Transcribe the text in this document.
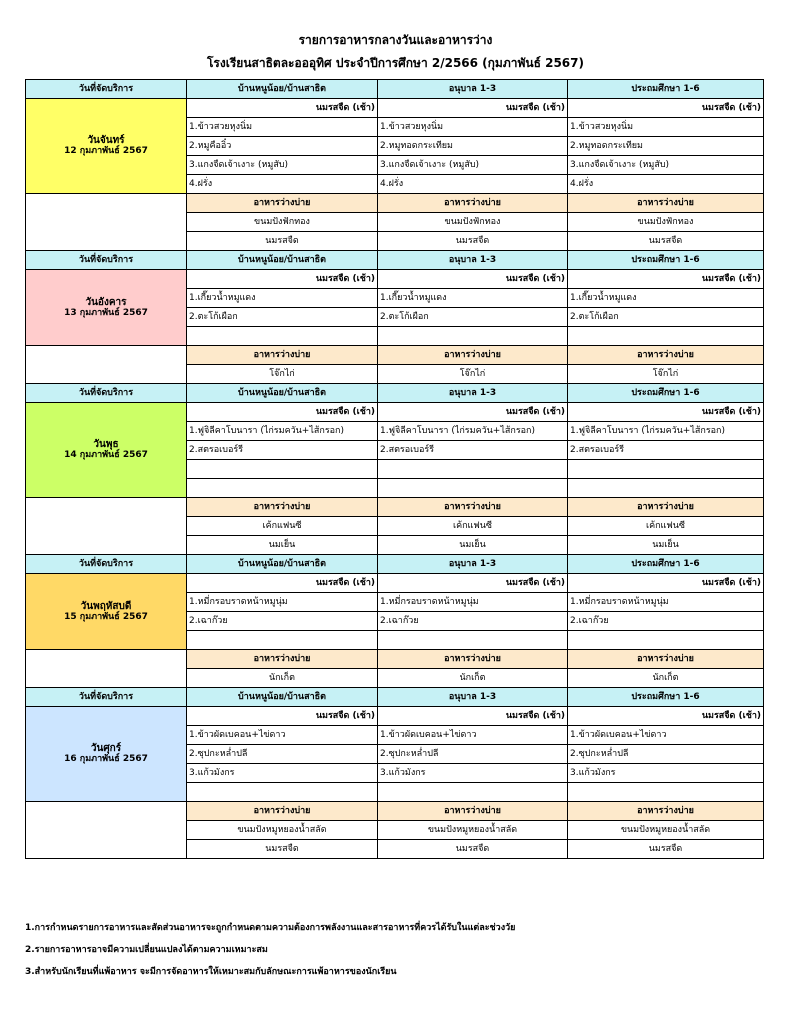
รายการอาหารกลางวันและอาหารว่าง
โรงเรียนสาธิตละอออุทิศ ประจำปีการศึกษา 2/2566 (กุมภาพันธ์ 2567)
วันที่จัดบริการ	บ้านหนูน้อย/บ้านสาธิต	อนุบาล 1-3	ประถมศึกษา 1-6

วันจันทร์
12 กุมภาพันธ์ 2567	นมรสจืด (เช้า)	นมรสจืด (เช้า)	นมรสจืด (เช้า)
	1.ข้าวสวยหุงนิ่ม	1.ข้าวสวยหุงนิ่ม	1.ข้าวสวยหุงนิ่ม
	2.หมูคืออิ๋ว	2.หมูทอดกระเทียม	2.หมูทอดกระเทียม
	3.แกงจืดเจ้าเงาะ (หมูสับ)	3.แกงจืดเจ้าเงาะ (หมูสับ)	3.แกงจืดเจ้าเงาะ (หมูสับ)
	4.ฝรั่ง	4.ฝรั่ง	4.ฝรั่ง
	อาหารว่างบ่าย	อาหารว่างบ่าย	อาหารว่างบ่าย
	ขนมปังฟักทอง	ขนมปังฟักทอง	ขนมปังฟักทอง
	นมรสจืด	นมรสจืด	นมรสจืด
วันที่จัดบริการ	บ้านหนูน้อย/บ้านสาธิต	อนุบาล 1-3	ประถมศึกษา 1-6

วันอังคาร
13 กุมภาพันธ์ 2567	นมรสจืด (เช้า)	นมรสจืด (เช้า)	นมรสจืด (เช้า)
	1.เกี๊ยวน้ำหมูแดง	1.เกี๊ยวน้ำหมูแดง	1.เกี๊ยวน้ำหมูแดง
	2.ตะโก้เผือก	2.ตะโก้เผือก	2.ตะโก้เผือก

	อาหารว่างบ่าย	อาหารว่างบ่าย	อาหารว่างบ่าย
	โจ๊กไก่	โจ๊กไก่	โจ๊กไก่
วันที่จัดบริการ	บ้านหนูน้อย/บ้านสาธิต	อนุบาล 1-3	ประถมศึกษา 1-6

วันพุธ
14 กุมภาพันธ์ 2567	นมรสจืด (เช้า)	นมรสจืด (เช้า)	นมรสจืด (เช้า)
	1.ฟูจิลีคาโบนารา (ไก่รมควัน+ไส้กรอก)	1.ฟูจิลีคาโบนารา (ไก่รมควัน+ไส้กรอก)	1.ฟูจิลีคาโบนารา (ไก่รมควัน+ไส้กรอก)
	2.สตรอเบอร์รี	2.สตรอเบอร์รี	2.สตรอเบอร์รี

	อาหารว่างบ่าย	อาหารว่างบ่าย	อาหารว่างบ่าย
	เค้กแฟนซี	เค้กแฟนซี	เค้กแฟนซี
	นมเย็น	นมเย็น	นมเย็น
วันที่จัดบริการ	บ้านหนูน้อย/บ้านสาธิต	อนุบาล 1-3	ประถมศึกษา 1-6

วันพฤหัสบดี
15 กุมภาพันธ์ 2567	นมรสจืด (เช้า)	นมรสจืด (เช้า)	นมรสจืด (เช้า)
	1.หมี่กรอบราดหน้าหมูนุ่ม	1.หมี่กรอบราดหน้าหมูนุ่ม	1.หมี่กรอบราดหน้าหมูนุ่ม
	2.เฉาก๊วย	2.เฉาก๊วย	2.เฉาก๊วย

	อาหารว่างบ่าย	อาหารว่างบ่าย	อาหารว่างบ่าย
	นักเก็ต	นักเก็ต	นักเก็ต
วันที่จัดบริการ	บ้านหนูน้อย/บ้านสาธิต	อนุบาล 1-3	ประถมศึกษา 1-6

วันศุกร์
16 กุมภาพันธ์ 2567	นมรสจืด (เช้า)	นมรสจืด (เช้า)	นมรสจืด (เช้า)
	1.ข้าวผัดเบคอน+ไข่ดาว	1.ข้าวผัดเบคอน+ไข่ดาว	1.ข้าวผัดเบคอน+ไข่ดาว
	2.ซุปกะหล่ำปลี	2.ซุปกะหล่ำปลี	2.ซุปกะหล่ำปลี
	3.แก้วมังกร	3.แก้วมังกร	3.แก้วมังกร

	อาหารว่างบ่าย	อาหารว่างบ่าย	อาหารว่างบ่าย
	ขนมปังหมูหยองน้ำสลัด	ขนมปังหมูหยองน้ำสลัด	ขนมปังหมูหยองน้ำสลัด
	นมรสจืด	นมรสจืด	นมรสจืด
1.การกำหนดรายการอาหารและสัดส่วนอาหารจะถูกกำหนดตามความต้องการพลังงานและสารอาหารที่ควรได้รับในแต่ละช่วงวัย
2.รายการอาหารอาจมีความเปลี่ยนแปลงได้ตามความเหมาะสม
3.สำหรับนักเรียนที่แพ้อาหาร จะมีการจัดอาหารให้เหมาะสมกับลักษณะการแพ้อาหารของนักเรียน
